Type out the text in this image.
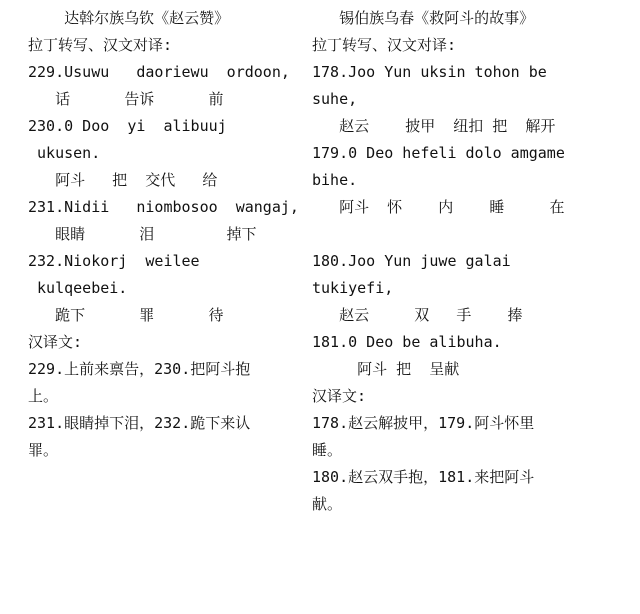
达斡尔族乌钦《赵云赞》
拉丁转写、汉文对译:
229.Usuwu   daoriewu  ordoon,
话      告诉      前
230.0 Doo  yi  alibuuj
ukusen.
阿斗   把  交代   给
231.Nidii   niombosoo  wangaj,
眼睛      泪        掉下
232.Niokorj  weilee
kulqeebei.
跪下      罪      待
汉译文:
229.上前来禀告，230.把阿斗抱
上。
231.眼睛掉下泪，232.跪下来认
罪。
锡伯族乌春《救阿斗的故事》
拉丁转写、汉文对译:
178.Joo Yun uksin tohon be
suhe,
赵云    披甲  纽扣 把  解开
179.0 Deo hefeli dolo amgame
bihe.
阿斗  怀    内    睡     在
180.Joo Yun juwe galai
tukiyefi,
赵云     双   手    捧
181.0 Deo be alibuha.
阿斗 把  呈献
汉译文:
178.赵云解披甲，179.阿斗怀里
睡。
180.赵云双手抱，181.来把阿斗
献。
